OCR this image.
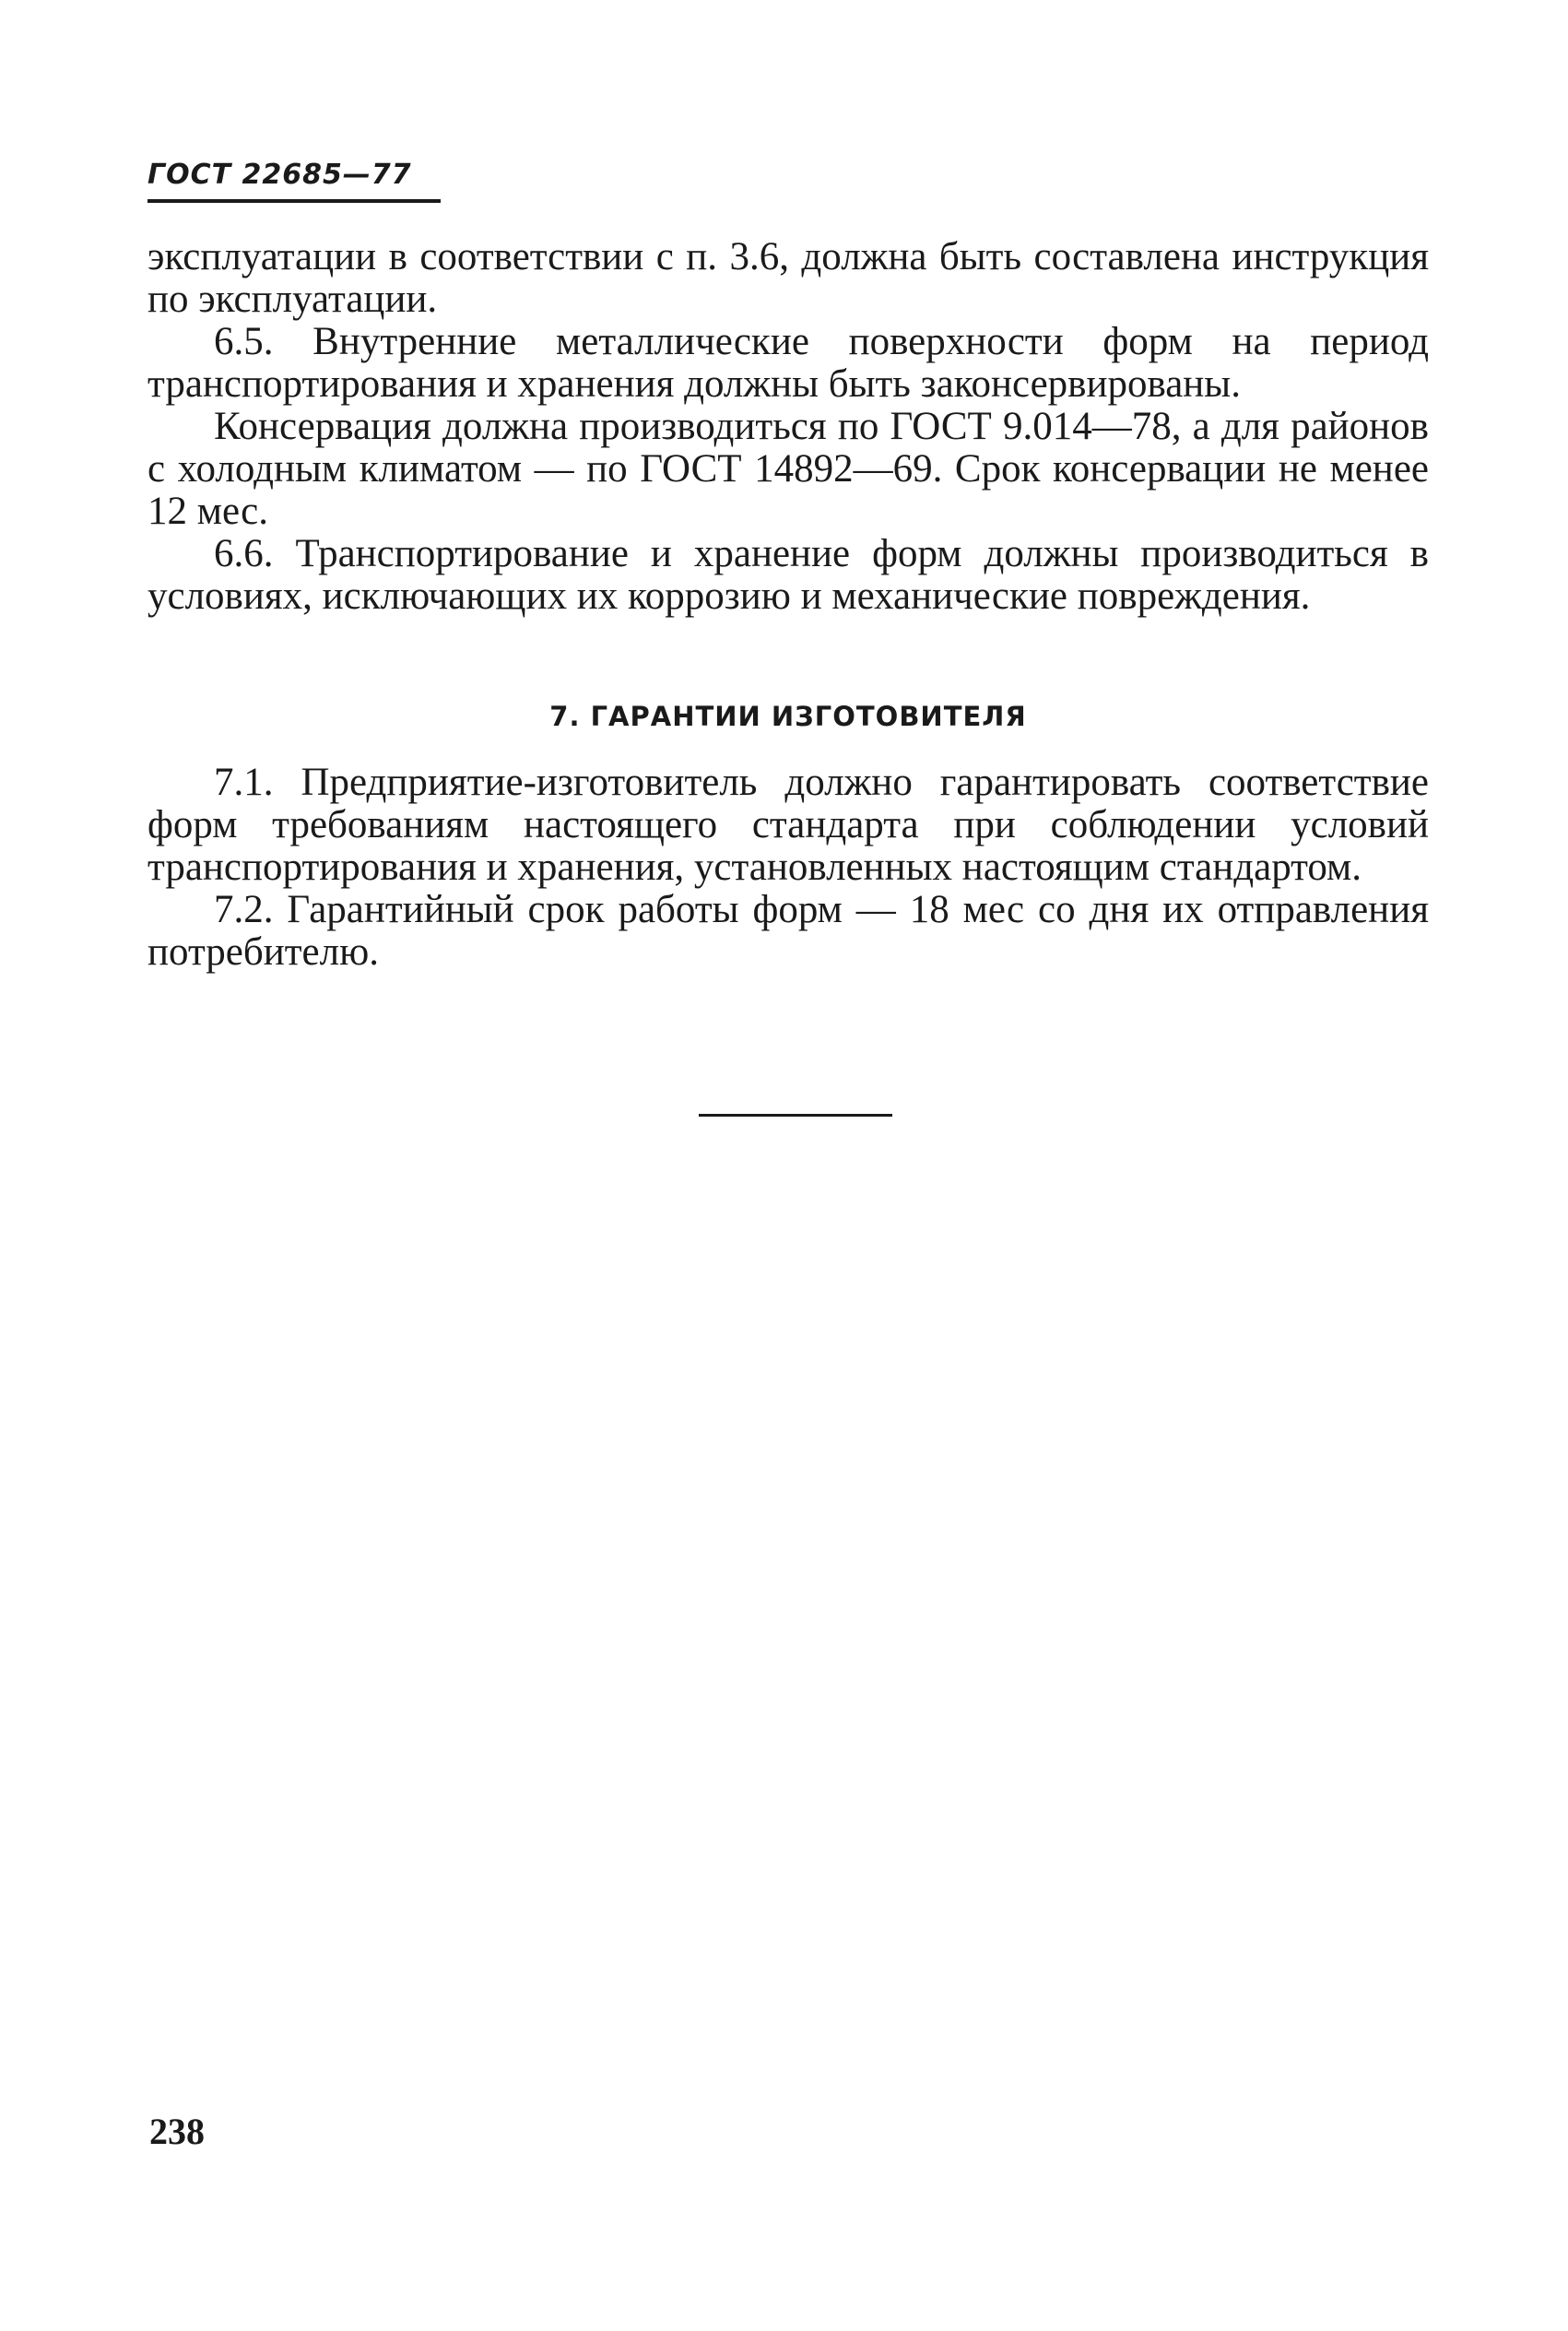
ГОСТ 22685—77

эксплуатации в соответствии с п. 3.6, должна быть составлена инструкция по эксплуатации.

6.5. Внутренние металлические поверхности форм на период транспортирования и хранения должны быть законсервированы.

Консервация должна производиться по ГОСТ 9.014—78, а для районов с холодным климатом — по ГОСТ 14892—69. Срок консервации не менее 12 мес.

6.6. Транспортирование и хранение форм должны производиться в условиях, исключающих их коррозию и механические повреждения.

7. ГАРАНТИИ ИЗГОТОВИТЕЛЯ

7.1. Предприятие-изготовитель должно гарантировать соответствие форм требованиям настоящего стандарта при соблюдении условий транспортирования и хранения, установленных настоящим стандартом.

7.2. Гарантийный срок работы форм — 18 мес со дня их отправления потребителю.

238
